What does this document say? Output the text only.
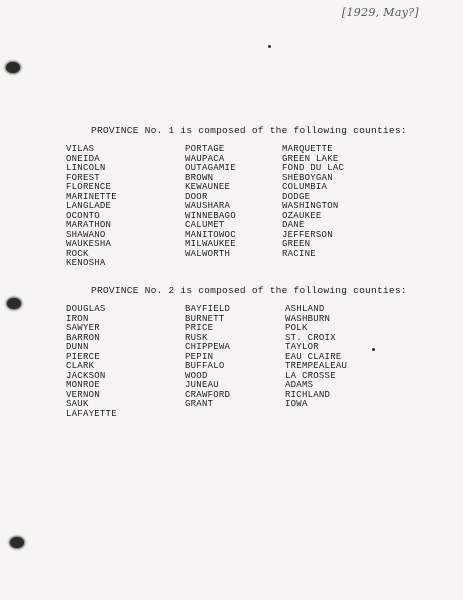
[1929, May?]
PROVINCE No. 1 is composed of the following counties:
VILAS
ONEIDA
LINCOLN
FOREST
FLORENCE
MARINETTE
LANGLADE
OCONTO
MARATHON
SHAWANO
WAUKESHA
ROCK
KENOSHA
PORTAGE
WAUPACA
OUTAGAMIE
BROWN
KEWAUNEE
DOOR
WAUSHARA
WINNEBAGO
CALUMET
MANITOWOC
MILWAUKEE
WALWORTH
MARQUETTE
GREEN LAKE
FOND DU LAC
SHEBOYGAN
COLUMBIA
DODGE
WASHINGTON
OZAUKEE
DANE
JEFFERSON
GREEN
RACINE
PROVINCE No. 2 is composed of the following counties:
DOUGLAS
IRON
SAWYER
BARRON
DUNN
PIERCE
CLARK
JACKSON
MONROE
VERNON
SAUK
LAFAYETTE
BAYFIELD
BURNETT
PRICE
RUSK
CHIPPEWA
PEPIN
BUFFALO
WOOD
JUNEAU
CRAWFORD
GRANT
ASHLAND
WASHBURN
POLK
ST. CROIX
TAYLOR
EAU CLAIRE
TREMPEALEAU
LA CROSSE
ADAMS
RICHLAND
IOWA
